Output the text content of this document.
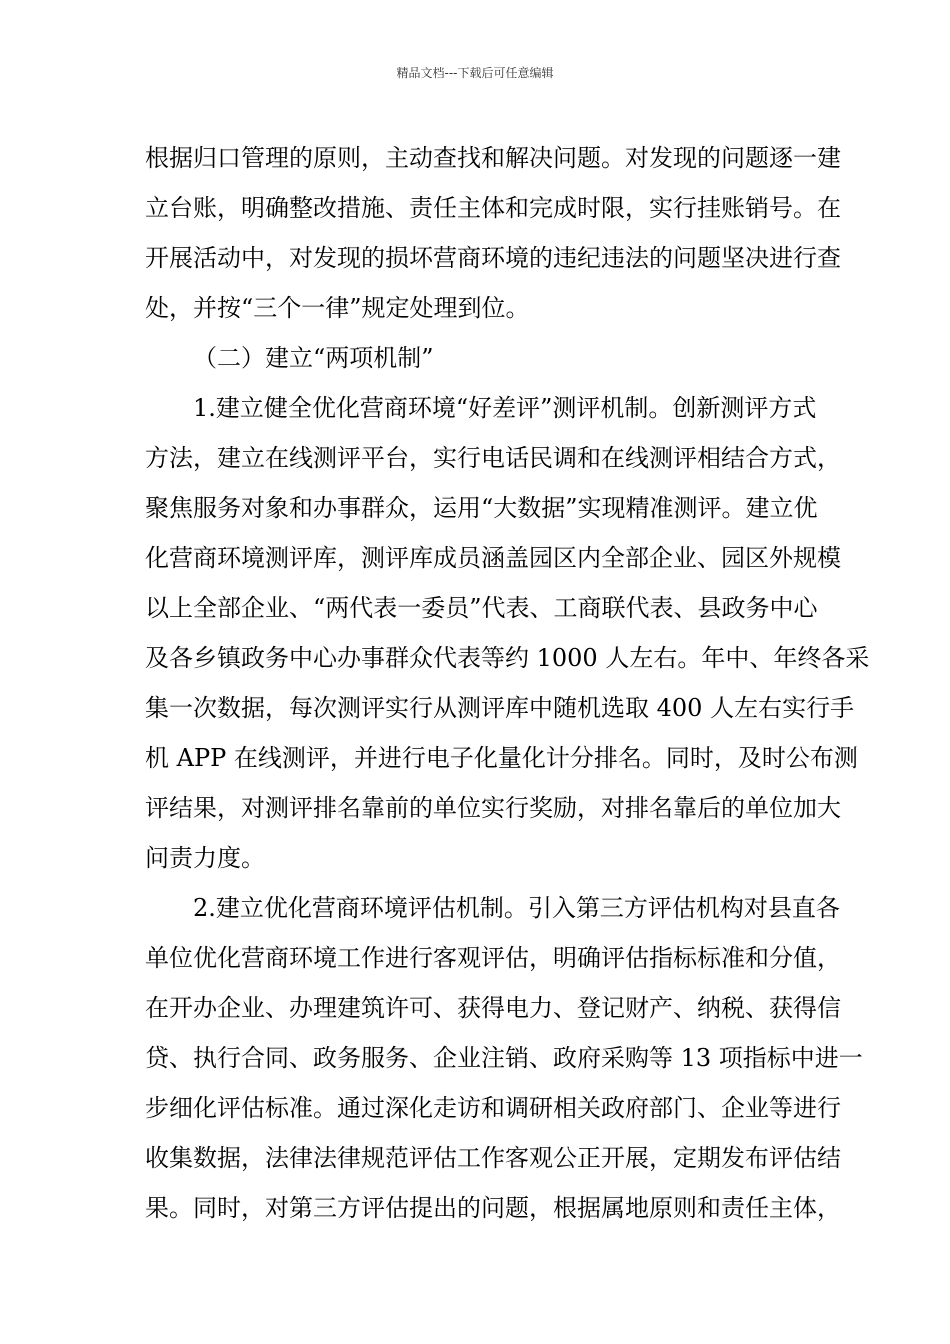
精品文档---下载后可任意编辑
根据归口管理的原则，主动查找和解决问题。对发现的问题逐一建
立台账，明确整改措施、责任主体和完成时限，实行挂账销号。在
开展活动中，对发现的损坏营商环境的违纪违法的问题坚决进行查
处，并按“三个一律”规定处理到位。
（二）建立“两项机制”
1.建立健全优化营商环境“好差评”测评机制。创新测评方式
方法，建立在线测评平台，实行电话民调和在线测评相结合方式，
聚焦服务对象和办事群众，运用“大数据”实现精准测评。建立优
化营商环境测评库，测评库成员涵盖园区内全部企业、园区外规模
以上全部企业、“两代表一委员”代表、工商联代表、县政务中心
及各乡镇政务中心办事群众代表等约 1000 人左右。年中、年终各采
集一次数据，每次测评实行从测评库中随机选取 400 人左右实行手
机 APP 在线测评，并进行电子化量化计分排名。同时，及时公布测
评结果，对测评排名靠前的单位实行奖励，对排名靠后的单位加大
问责力度。
2.建立优化营商环境评估机制。引入第三方评估机构对县直各
单位优化营商环境工作进行客观评估，明确评估指标标准和分值，
在开办企业、办理建筑许可、获得电力、登记财产、纳税、获得信
贷、执行合同、政务服务、企业注销、政府采购等 13 项指标中进一
步细化评估标准。通过深化走访和调研相关政府部门、企业等进行
收集数据，法律法律规范评估工作客观公正开展，定期发布评估结
果。同时，对第三方评估提出的问题，根据属地原则和责任主体，
